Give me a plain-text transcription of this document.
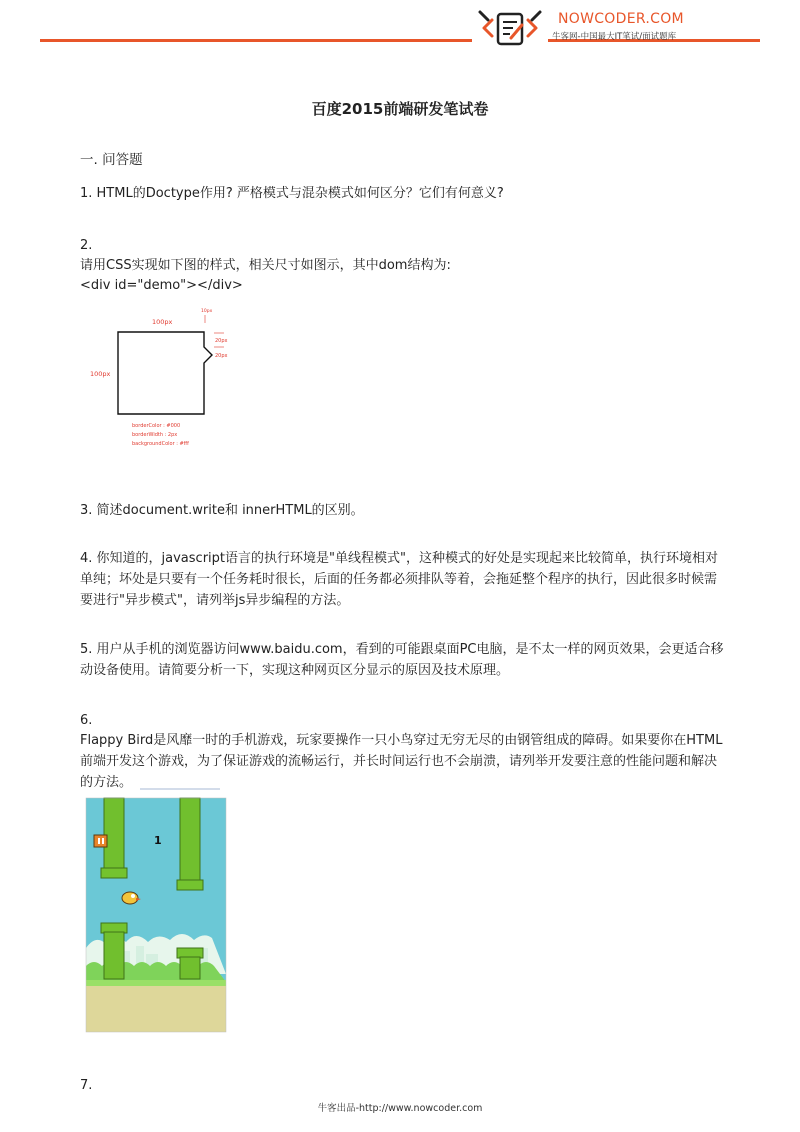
NOWCODER.COM
牛客网-中国最大IT笔试/面试题库
百度2015前端研发笔试卷
一. 问答题
1. HTML的Doctype作用? 严格模式与混杂模式如何区分？它们有何意义?
2.
请用CSS实现如下图的样式，相关尺寸如图示，其中dom结构为:
<div id="demo"></div>
100px
100px
10px
20px
20px
borderColor : #000
borderWidth : 2px
backgroundColor : #fff
3. 简述document.write和 innerHTML的区别。
4. 你知道的，javascript语言的执行环境是"单线程模式"，这种模式的好处是实现起来比较简单，执行环境相对单纯；坏处是只要有一个任务耗时很长，后面的任务都必须排队等着，会拖延整个程序的执行，因此很多时候需要进行"异步模式"，请列举js异步编程的方法。
5. 用户从手机的浏览器访问www.baidu.com，看到的可能跟桌面PC电脑，是不太一样的网页效果，会更适合移动设备使用。请简要分析一下，实现这种网页区分显示的原因及技术原理。
6.
Flappy Bird是风靡一时的手机游戏，玩家要操作一只小鸟穿过无穷无尽的由钢管组成的障碍。如果要你在HTML前端开发这个游戏，为了保证游戏的流畅运行，并长时间运行也不会崩溃，请列举开发要注意的性能问题和解决的方法。
1
7.
牛客出品-http://www.nowcoder.com
